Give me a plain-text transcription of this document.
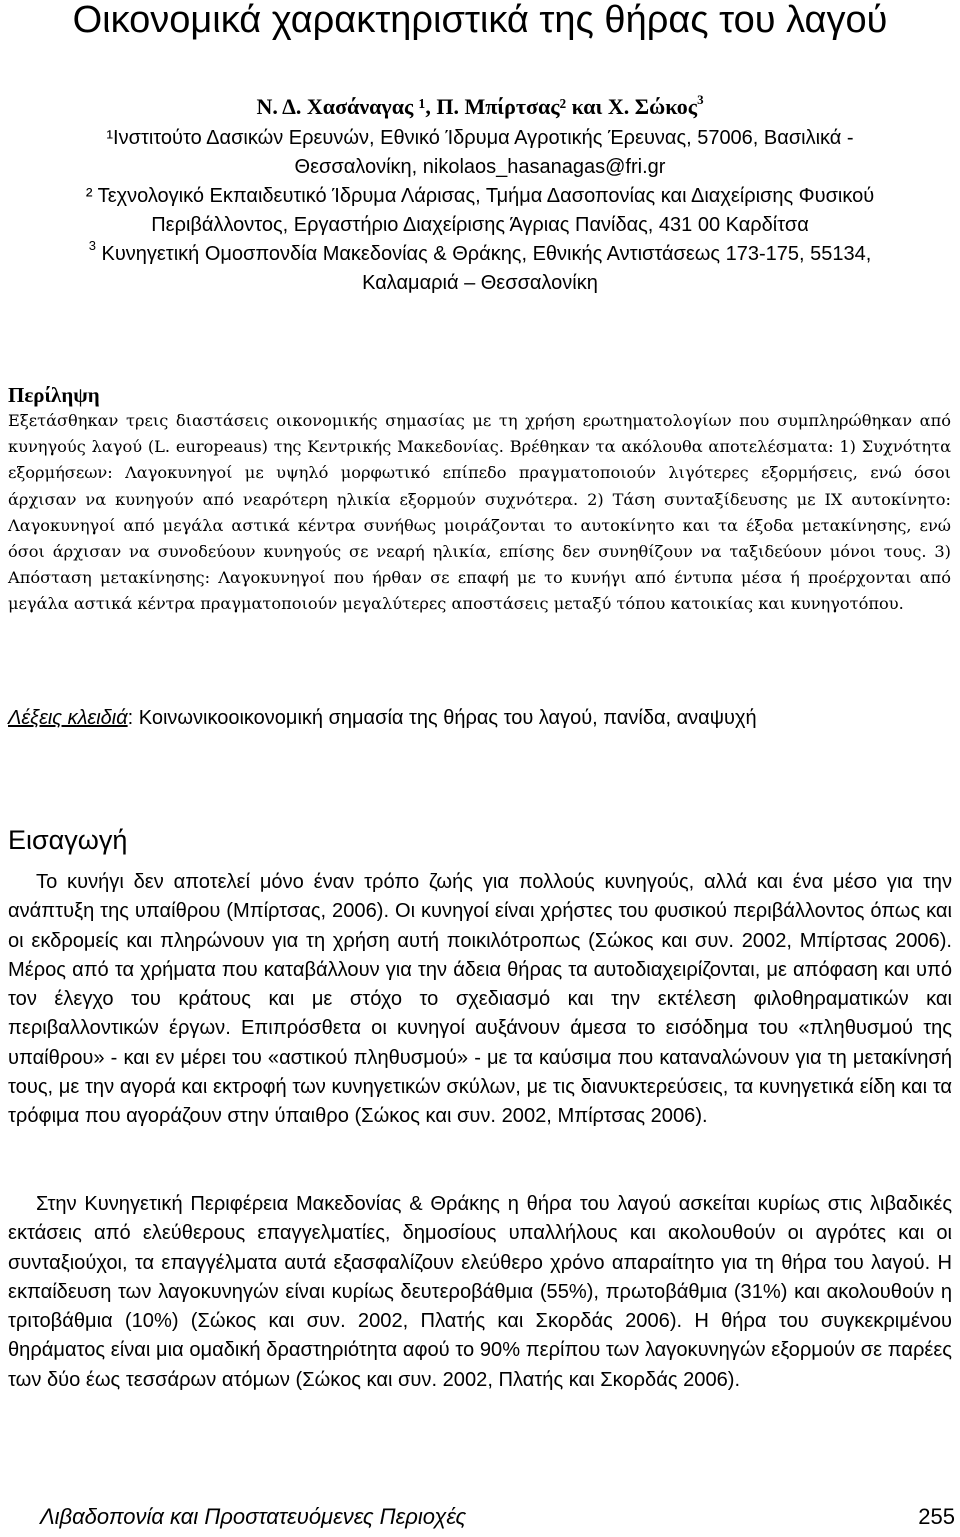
Οικονομικά χαρακτηριστικά της θήρας του λαγού

Ν. Δ. Χασάναγας ¹, Π. Μπίρτσας² και Χ. Σώκος$^3$

¹Ινστιτούτο Δασικών Ερευνών, Εθνικό Ίδρυμα Αγροτικής Έρευνας, 57006, Βασιλικά -
Θεσσαλονίκη, nikolaos_hasanagas@fri.gr

² Τεχνολογικό Εκπαιδευτικό Ίδρυμα Λάρισας, Τμήμα Δασοπονίας και Διαχείρισης Φυσικού
Περιβάλλοντος, Εργαστήριο Διαχείρισης Άγριας Πανίδας, 431 00 Καρδίτσα

$^3$ Κυνηγετική Ομοσπονδία Μακεδονίας & Θράκης, Εθνικής Αντιστάσεως 173-175, 55134,
Καλαμαριά – Θεσσαλονίκη

Περίληψη

Εξετάσθηκαν τρεις διαστάσεις οικονομικής σημασίας με τη χρήση ερωτηματολογίων που συμπληρώθηκαν από κυνηγούς λαγού (L. europeaus) της Κεντρικής Μακεδονίας. Βρέθηκαν τα ακόλουθα αποτελέσματα: 1) Συχνότητα εξορμήσεων: Λαγοκυνηγοί με υψηλό μορφωτικό επίπεδο πραγματοποιούν λιγότερες εξορμήσεις, ενώ όσοι άρχισαν να κυνηγούν από νεαρότερη ηλικία εξορμούν συχνότερα. 2) Τάση συνταξίδευσης με ΙΧ αυτοκίνητο: Λαγοκυνηγοί από μεγάλα αστικά κέντρα συνήθως μοιράζονται το αυτοκίνητο και τα έξοδα μετακίνησης, ενώ όσοι άρχισαν να συνοδεύουν κυνηγούς σε νεαρή ηλικία, επίσης δεν συνηθίζουν να ταξιδεύουν μόνοι τους. 3) Απόσταση μετακίνησης: Λαγοκυνηγοί που ήρθαν σε επαφή με το κυνήγι από έντυπα μέσα ή προέρχονται από μεγάλα αστικά κέντρα πραγματοποιούν μεγαλύτερες αποστάσεις μεταξύ τόπου κατοικίας και κυνηγοτόπου.

Λέξεις κλειδιά: Κοινωνικοοικονομική σημασία της θήρας του λαγού, πανίδα, αναψυχή

Εισαγωγή

Το κυνήγι δεν αποτελεί μόνο έναν τρόπο ζωής για πολλούς κυνηγούς, αλλά και ένα μέσο για την ανάπτυξη της υπαίθρου (Μπίρτσας, 2006). Οι κυνηγοί είναι χρήστες του φυσικού περιβάλλοντος όπως και οι εκδρομείς και πληρώνουν για τη χρήση αυτή ποικιλότροπως (Σώκος και συν. 2002, Μπίρτσας 2006). Μέρος από τα χρήματα που καταβάλλουν για την άδεια θήρας τα αυτοδιαχειρίζονται, με απόφαση και υπό τον έλεγχο του κράτους και με στόχο το σχεδιασμό και την εκτέλεση φιλοθηραματικών και περιβαλλοντικών έργων. Επιπρόσθετα οι κυνηγοί αυξάνουν άμεσα το εισόδημα του «πληθυσμού της υπαίθρου» - και εν μέρει του «αστικού πληθυσμού» - με τα καύσιμα που καταναλώνουν για τη μετακίνησή τους, με την αγορά και εκτροφή των κυνηγετικών σκύλων, με τις διανυκτερεύσεις, τα κυνηγετικά είδη και τα τρόφιμα που αγοράζουν στην ύπαιθρο (Σώκος και συν. 2002, Μπίρτσας 2006).

Στην Κυνηγετική Περιφέρεια Μακεδονίας & Θράκης η θήρα του λαγού ασκείται κυρίως στις λιβαδικές εκτάσεις από ελεύθερους επαγγελματίες, δημοσίους υπαλλήλους και ακολουθούν οι αγρότες και οι συνταξιούχοι, τα επαγγέλματα αυτά εξασφαλίζουν ελεύθερο χρόνο απαραίτητο για τη θήρα του λαγού. Η εκπαίδευση των λαγοκυνηγών είναι κυρίως δευτεροβάθμια (55%), πρωτοβάθμια (31%) και ακολουθούν η τριτοβάθμια (10%) (Σώκος και συν. 2002, Πλατής και Σκορδάς 2006). Η θήρα του συγκεκριμένου θηράματος είναι μια ομαδική δραστηριότητα αφού το 90% περίπου των λαγοκυνηγών εξορμούν σε παρέες των δύο έως τεσσάρων ατόμων (Σώκος και συν. 2002, Πλατής και Σκορδάς 2006).

Λιβαδοπονία και Προστατευόμενες Περιοχές	255
